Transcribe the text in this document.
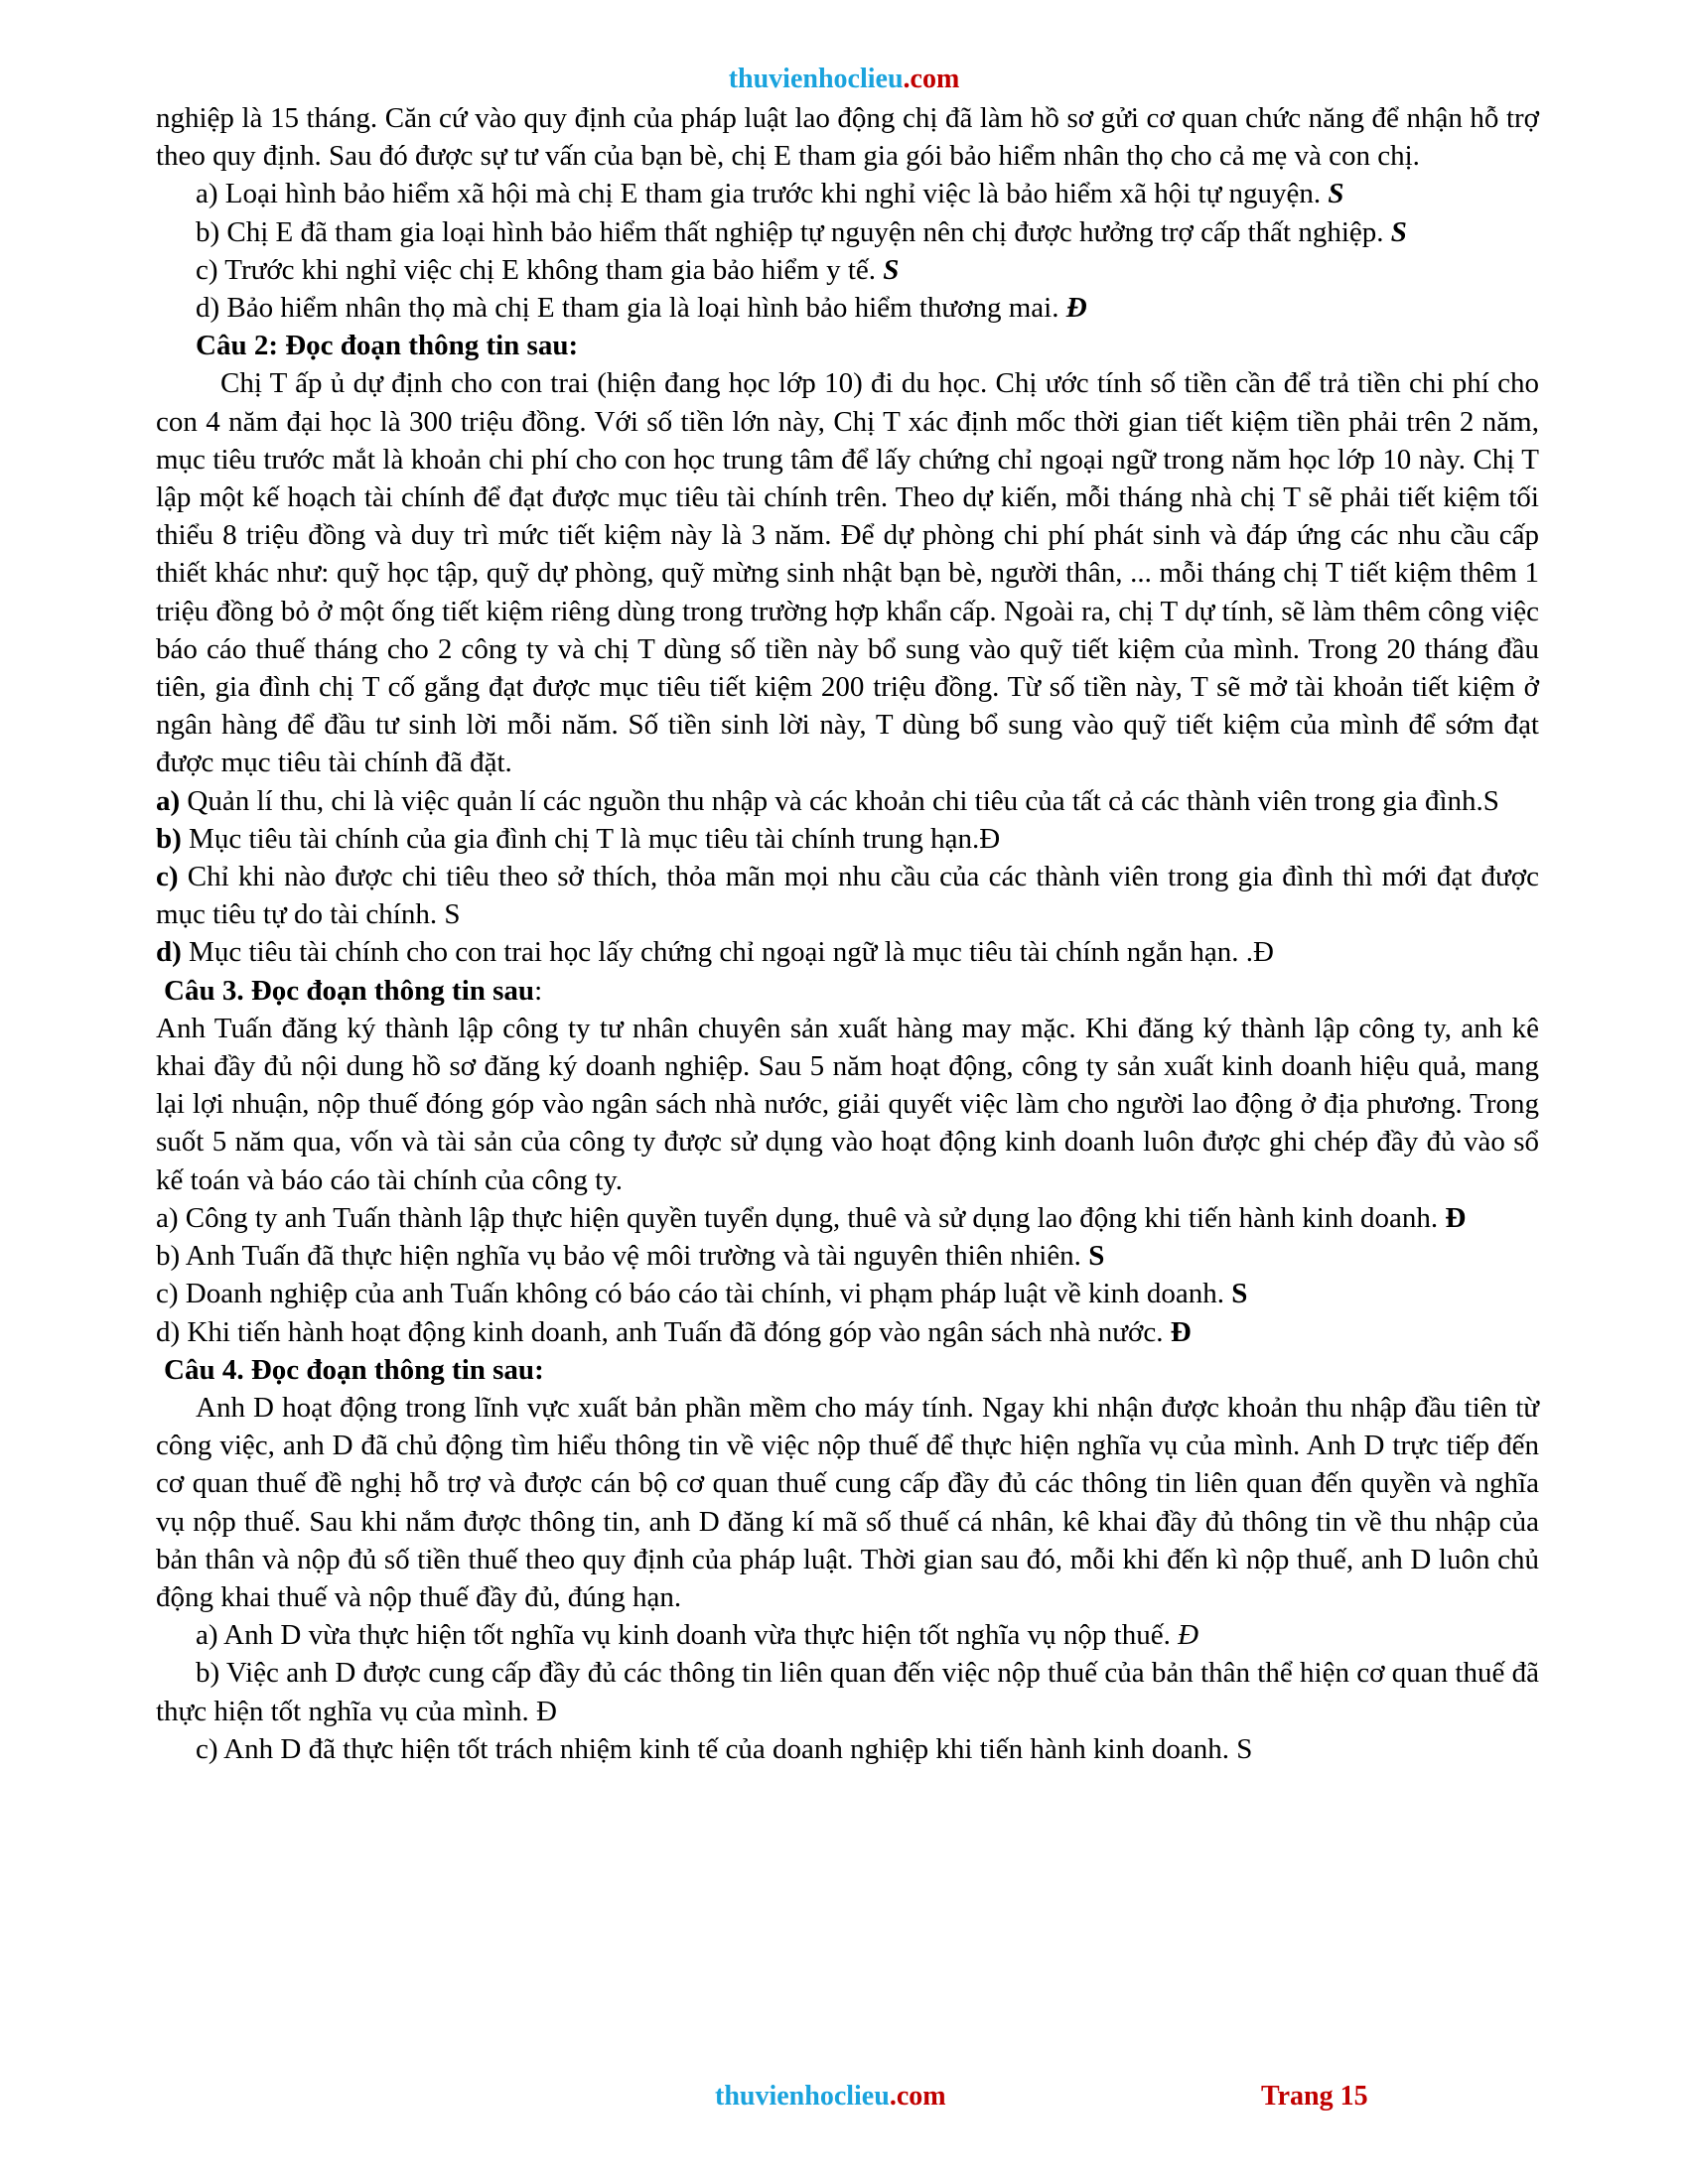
thuvienhoclieu.com

nghiệp là 15 tháng. Căn cứ vào quy định của pháp luật lao động chị đã làm hồ sơ gửi cơ quan chức năng để nhận hỗ trợ theo quy định. Sau đó được sự tư vấn của bạn bè, chị E tham gia gói bảo hiểm nhân thọ cho cả mẹ và con chị.

a) Loại hình bảo hiểm xã hội mà chị E tham gia trước khi nghỉ việc là bảo hiểm xã hội tự nguyện. S

b) Chị E đã tham gia loại hình bảo hiểm thất nghiệp tự nguyện nên chị được hưởng trợ cấp thất nghiệp. S

c) Trước khi nghỉ việc chị E không tham gia bảo hiểm y tế. S

d) Bảo hiểm nhân thọ mà chị E tham gia là loại hình bảo hiểm thương mai. Đ

Câu 2: Đọc đoạn thông tin sau:

Chị T ấp ủ dự định cho con trai (hiện đang học lớp 10) đi du học. Chị ước tính số tiền cần để trả tiền chi phí cho con 4 năm đại học là 300 triệu đồng. Với số tiền lớn này, Chị T xác định mốc thời gian tiết kiệm tiền phải trên 2 năm, mục tiêu trước mắt là khoản chi phí cho con học trung tâm để lấy chứng chỉ ngoại ngữ trong năm học lớp 10 này. Chị T lập một kế hoạch tài chính để đạt được mục tiêu tài chính trên. Theo dự kiến, mỗi tháng nhà chị T sẽ phải tiết kiệm tối thiểu 8 triệu đồng và duy trì mức tiết kiệm này là 3 năm. Để dự phòng chi phí phát sinh và đáp ứng các nhu cầu cấp thiết khác như: quỹ học tập, quỹ dự phòng, quỹ mừng sinh nhật bạn bè, người thân, ... mỗi tháng chị T tiết kiệm thêm 1 triệu đồng bỏ ở một ống tiết kiệm riêng dùng trong trường hợp khẩn cấp. Ngoài ra, chị T dự tính, sẽ làm thêm công việc báo cáo thuế tháng cho 2 công ty và chị T dùng số tiền này bổ sung vào quỹ tiết kiệm của mình. Trong 20 tháng đầu tiên, gia đình chị T cố gắng đạt được mục tiêu tiết kiệm 200 triệu đồng. Từ số tiền này, T sẽ mở tài khoản tiết kiệm ở ngân hàng để đầu tư sinh lời mỗi năm. Số tiền sinh lời này, T dùng bổ sung vào quỹ tiết kiệm của mình để sớm đạt được mục tiêu tài chính đã đặt.

a) Quản lí thu, chi là việc quản lí các nguồn thu nhập và các khoản chi tiêu của tất cả các thành viên trong gia đình.S

b) Mục tiêu tài chính của gia đình chị T là mục tiêu tài chính trung hạn.Đ

c) Chỉ khi nào được chi tiêu theo sở thích, thỏa mãn mọi nhu cầu của các thành viên trong gia đình thì mới đạt được mục tiêu tự do tài chính. S

d) Mục tiêu tài chính cho con trai học lấy chứng chỉ ngoại ngữ là mục tiêu tài chính ngắn hạn. .Đ

Câu 3. Đọc đoạn thông tin sau:

Anh Tuấn đăng ký thành lập công ty tư nhân chuyên sản xuất hàng may mặc. Khi đăng ký thành lập công ty, anh kê khai đầy đủ nội dung hồ sơ đăng ký doanh nghiệp. Sau 5 năm hoạt động, công ty sản xuất kinh doanh hiệu quả, mang lại lợi nhuận, nộp thuế đóng góp vào ngân sách nhà nước, giải quyết việc làm cho người lao động ở địa phương. Trong suốt 5 năm qua, vốn và tài sản của công ty được sử dụng vào hoạt động kinh doanh luôn được ghi chép đầy đủ vào sổ kế toán và báo cáo tài chính của công ty.

a) Công ty anh Tuấn thành lập thực hiện quyền tuyển dụng, thuê và sử dụng lao động khi tiến hành kinh doanh. Đ

b) Anh Tuấn đã thực hiện nghĩa vụ bảo vệ môi trường và tài nguyên thiên nhiên. S

c) Doanh nghiệp của anh Tuấn không có báo cáo tài chính, vi phạm pháp luật về kinh doanh. S

d) Khi tiến hành hoạt động kinh doanh, anh Tuấn đã đóng góp vào ngân sách nhà nước. Đ

Câu 4. Đọc đoạn thông tin sau:

Anh D hoạt động trong lĩnh vực xuất bản phần mềm cho máy tính. Ngay khi nhận được khoản thu nhập đầu tiên từ công việc, anh D đã chủ động tìm hiểu thông tin về việc nộp thuế để thực hiện nghĩa vụ của mình. Anh D trực tiếp đến cơ quan thuế đề nghị hỗ trợ và được cán bộ cơ quan thuế cung cấp đầy đủ các thông tin liên quan đến quyền và nghĩa vụ nộp thuế. Sau khi nắm được thông tin, anh D đăng kí mã số thuế cá nhân, kê khai đầy đủ thông tin về thu nhập của bản thân và nộp đủ số tiền thuế theo quy định của pháp luật. Thời gian sau đó, mỗi khi đến kì nộp thuế, anh D luôn chủ động khai thuế và nộp thuế đầy đủ, đúng hạn.

a) Anh D vừa thực hiện tốt nghĩa vụ kinh doanh vừa thực hiện tốt nghĩa vụ nộp thuế. Đ

b) Việc anh D được cung cấp đầy đủ các thông tin liên quan đến việc nộp thuế của bản thân thể hiện cơ quan thuế đã thực hiện tốt nghĩa vụ của mình. Đ

c) Anh D đã thực hiện tốt trách nhiệm kinh tế của doanh nghiệp khi tiến hành kinh doanh. S

thuvienhoclieu.com	Trang 15
